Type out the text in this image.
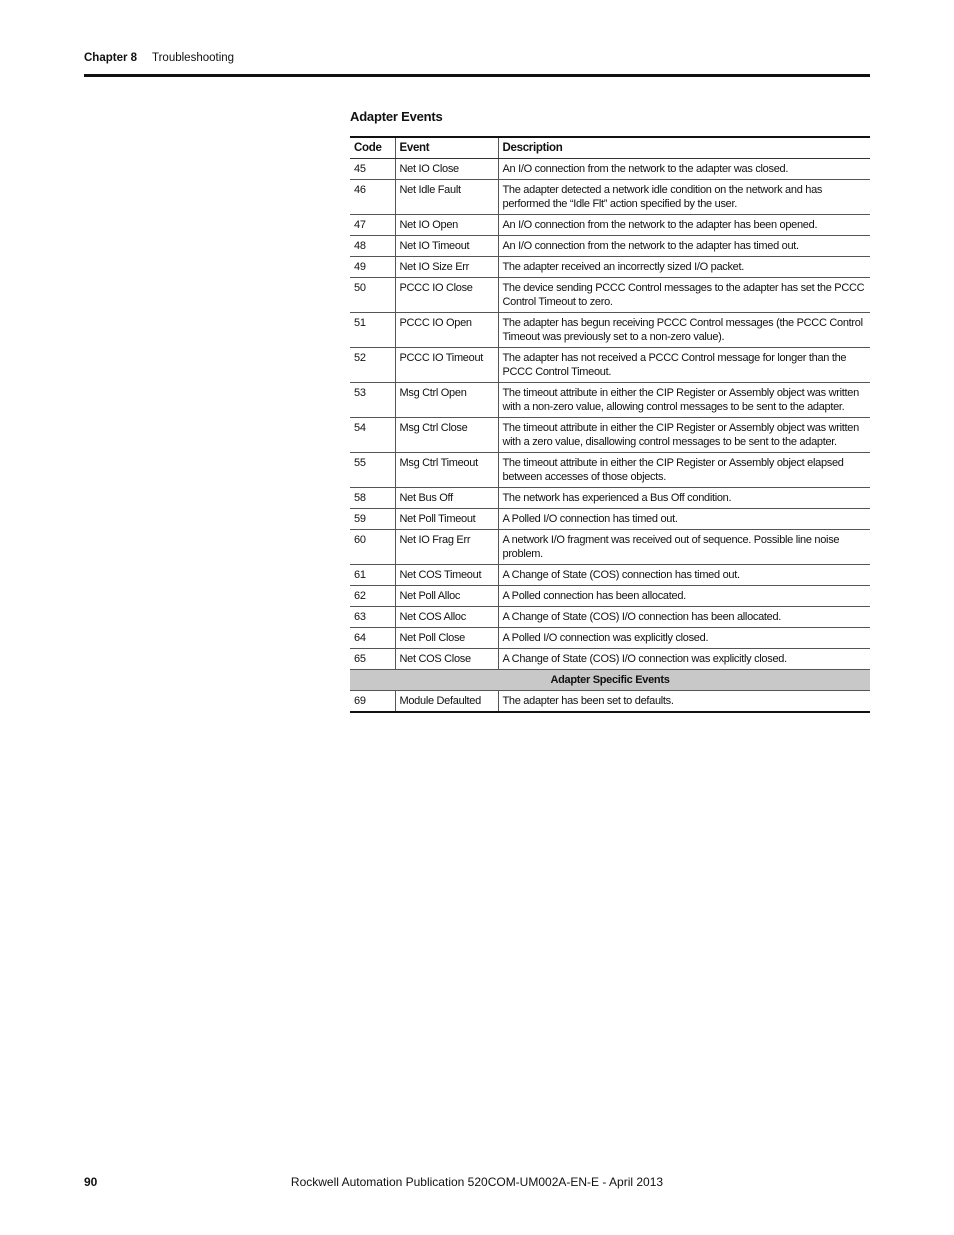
Chapter 8 Troubleshooting
Adapter Events
Code	Event	Description
45	Net IO Close	An I/O connection from the network to the adapter was closed.
46	Net Idle Fault	The adapter detected a network idle condition on the network and has performed the “Idle Flt” action specified by the user.
47	Net IO Open	An I/O connection from the network to the adapter has been opened.
48	Net IO Timeout	An I/O connection from the network to the adapter has timed out.
49	Net IO Size Err	The adapter received an incorrectly sized I/O packet.
50	PCCC IO Close	The device sending PCCC Control messages to the adapter has set the PCCC Control Timeout to zero.
51	PCCC IO Open	The adapter has begun receiving PCCC Control messages (the PCCC Control Timeout was previously set to a non-zero value).
52	PCCC IO Timeout	The adapter has not received a PCCC Control message for longer than the PCCC Control Timeout.
53	Msg Ctrl Open	The timeout attribute in either the CIP Register or Assembly object was written with a non-zero value, allowing control messages to be sent to the adapter.
54	Msg Ctrl Close	The timeout attribute in either the CIP Register or Assembly object was written with a zero value, disallowing control messages to be sent to the adapter.
55	Msg Ctrl Timeout	The timeout attribute in either the CIP Register or Assembly object elapsed between accesses of those objects.
58	Net Bus Off	The network has experienced a Bus Off condition.
59	Net Poll Timeout	A Polled I/O connection has timed out.
60	Net IO Frag Err	A network I/O fragment was received out of sequence. Possible line noise problem.
61	Net COS Timeout	A Change of State (COS) connection has timed out.
62	Net Poll Alloc	A Polled connection has been allocated.
63	Net COS Alloc	A Change of State (COS) I/O connection has been allocated.
64	Net Poll Close	A Polled I/O connection was explicitly closed.
65	Net COS Close	A Change of State (COS) I/O connection was explicitly closed.
Adapter Specific Events		
69	Module Defaulted	The adapter has been set to defaults.
90	Rockwell Automation Publication 520COM-UM002A-EN-E - April 2013
